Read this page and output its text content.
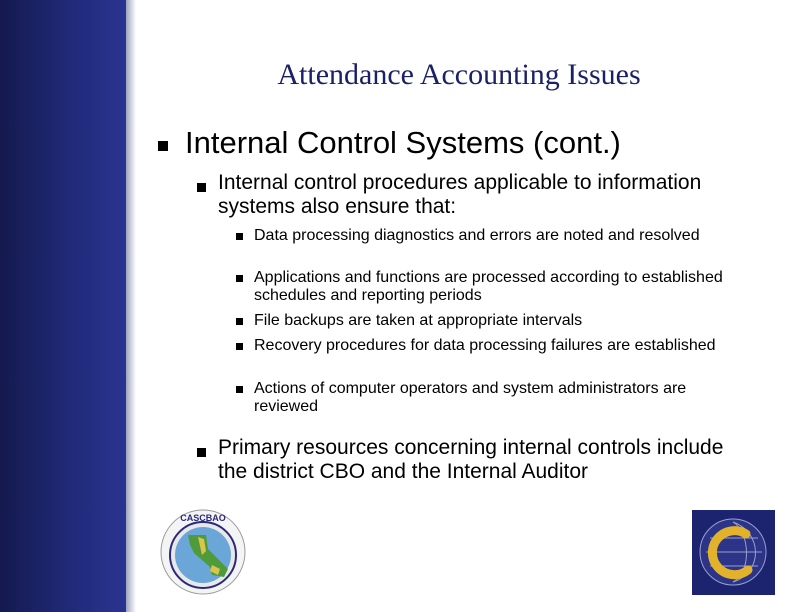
Attendance Accounting Issues

Internal Control Systems (cont.)

Internal control procedures applicable to information systems also ensure that:

Data processing diagnostics and errors are noted and resolved

Applications and functions are processed according to established schedules and reporting periods

File backups are taken at appropriate intervals

Recovery procedures for data processing failures are established

Actions of computer operators and system administrators are reviewed

Primary resources concerning internal controls include the district CBO and the Internal Auditor

CASCBAO
